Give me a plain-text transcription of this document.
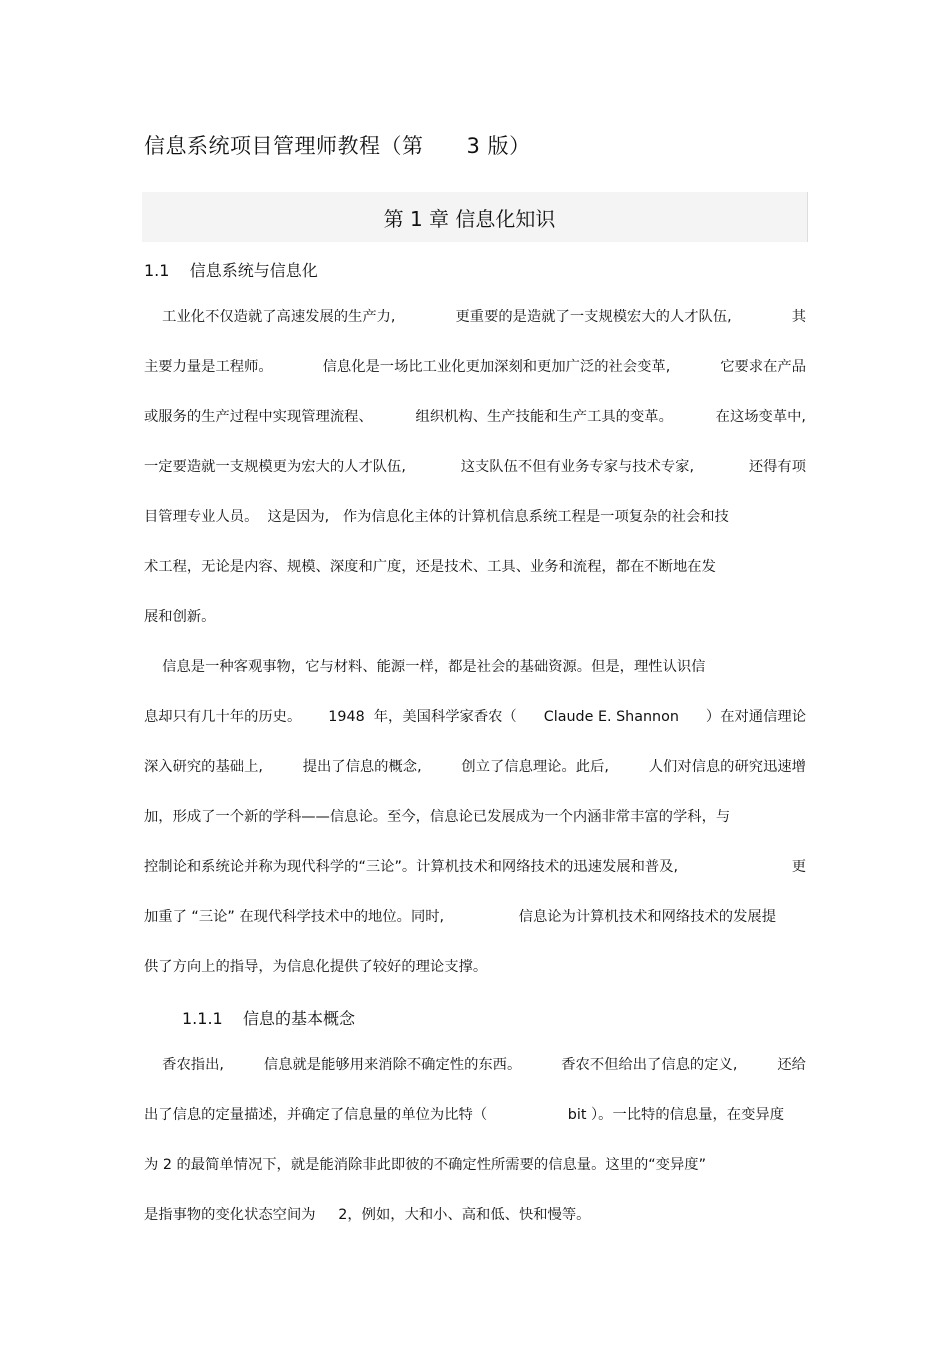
信息系统项目管理师教程（第      3 版）
第 1 章 信息化知识
1.1    信息系统与信息化
工业化不仅造就了高速发展的生产力,	更重要的是造就了一支规模宏大的人才队伍,	其
主要力量是工程师。	信息化是一场比工业化更加深刻和更加广泛的社会变革,	它要求在产品
或服务的生产过程中实现管理流程、	组织机构、生产技能和生产工具的变革。	在这场变革中,
一定要造就一支规模更为宏大的人才队伍,	这支队伍不但有业务专家与技术专家,	还得有项
目管理专业人员。  这是因为,   作为信息化主体的计算机信息系统工程是一项复杂的社会和技
术工程，无论是内容、规模、深度和广度，还是技术、工具、业务和流程，都在不断地在发
展和创新。
信息是一种客观事物，它与材料、能源一样，都是社会的基础资源。但是，理性认识信
息却只有几十年的历史。 1948  年，美国科学家香农（ Claude E. Shannon ）在对通信理论
深入研究的基础上,	提出了信息的概念,	创立了信息理论。此后,	人们对信息的研究迅速增
加，形成了一个新的学科——信息论。至今，信息论已发展成为一个内涵非常丰富的学科，与
控制论和系统论并称为现代科学的“三论”。计算机技术和网络技术的迅速发展和普及,	更
加重了 “三论” 在现代科学技术中的地位。同时,	信息论为计算机技术和网络技术的发展提
供了方向上的指导，为信息化提供了较好的理论支撑。
1.1.1    信息的基本概念
香农指出,	信息就是能够用来消除不确定性的东西。	香农不但给出了信息的定义,	还给
出了信息的定量描述，并确定了信息量的单位为比特（	bit ）。一比特的信息量，在变异度
为 2 的最简单情况下，就是能消除非此即彼的不确定性所需要的信息量。这里的“变异度”
是指事物的变化状态空间为     2，例如，大和小、高和低、快和慢等。
